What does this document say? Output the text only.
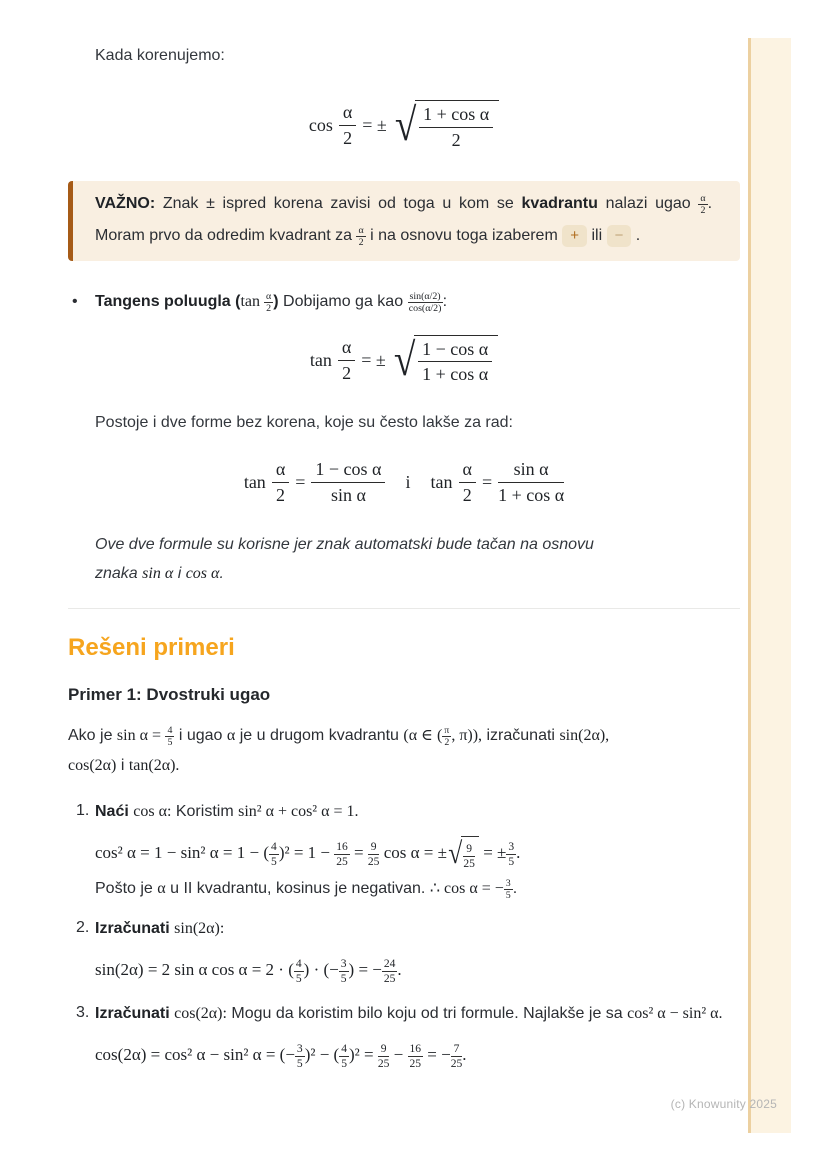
(c) Knowunity 2025

Kada korenujemo:

$\cos \frac{\alpha}{2}$ = ± √ $\frac{\text{1 + cos α}}{2}$
VAŽNO: Znak ± ispred korena zavisi od toga u kom se kvadrantu nalazi ugao $\frac{\alpha}{2}$ . Moram prvo da odredim kvadrant za $\frac{\alpha}{2}$ i na osnovu toga izaberem + ili − .
•	Tangens poluugla ($\tan \frac{\alpha}{2}$ ) Dobijamo ga kao $\frac{\sin(\alpha/2)}{\cos(\alpha/2)}$ :
$\tan \frac{\alpha}{2}$ = ± √ $\frac{\text{1 − cos α}}{\text{1 + cos α}}$

Postoje i dve forme bez korena, koje su često lakše za rad:

$\tan \frac{\alpha}{2} = \frac{\text{1 − cos α}}{\text{sin α}}$ i $\tan \frac{\alpha}{2} = \frac{\text{sin α}}{\text{1 + cos α}}$
Ove dve formule su korisne jer znak automatski bude tačan na osnovu
znaka sin α i cos α.
Rešeni primeri
Primer 1: Dvostruki ugao
Ako je $\sin \alpha = \frac{4}{5}$ i ugao α je u drugom kvadrantu (α ∈ ( $\frac{\pi}{2}$ , π)), izračunati sin(2α),
cos(2α) i tan(2α).
1. Naći cos α: Koristim sin² α + cos² α = 1.
cos² α = 1 − sin² α = 1 − ( $\frac{4}{5} )^2 = 1 - \frac{16}{25} = \frac{9}{25}$ cos α = ± √ $\frac{9}{25}$ = ± $\frac{3}{5}$ .
Pošto je α u II kvadrantu, kosinus je negativan. ∴ cos α = − $\frac{3}{5}$ .
2. Izračunati sin(2α):
sin(2α) = 2 sin α cos α = 2 · ( $\frac{4}{5}$ ) · (− $\frac{3}{5}$ ) = − $\frac{24}{25}$ .
3. Izračunati cos(2α): Mogu da koristim bilo koju od tri formule. Najlakše je sa cos² α − sin² α.
cos(2α) = cos² α − sin² α = (− $\frac{3}{5} )^2$ − ( $\frac{4}{5} )^2 = \frac{9}{25} - \frac{16}{25}$ = − $\frac{7}{25}$ .
